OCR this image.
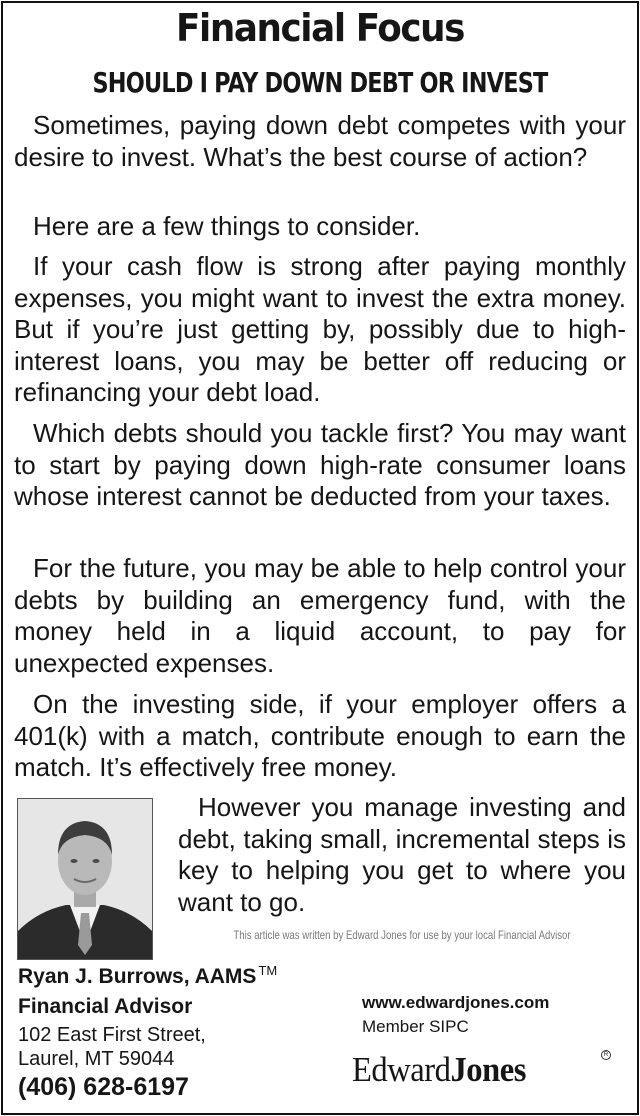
Financial Focus
SHOULD I PAY DOWN DEBT OR INVEST

Sometimes, paying down debt competes with your desire to invest. What’s the best course of action?

Here are a few things to consider.

If your cash flow is strong after paying monthly expenses, you might want to invest the extra money. But if you’re just getting by, possibly due to high-interest loans, you may be better off reducing or refinancing your debt load.

Which debts should you tackle first? You may want to start by paying down high-rate consumer loans whose interest cannot be deducted from your taxes.

For the future, you may be able to help control your debts by building an emergency fund, with the money held in a liquid account, to pay for unexpected expenses.

On the investing side, if your employer offers a 401(k) with a match, contribute enough to earn the match. It’s effectively free money.

However you manage investing and debt, taking small, incremental steps is key to helping you get to where you want to go.

This article was written by Edward Jones for use by your local Financial Advisor
Ryan J. Burrows, AAMS ™
Financial Advisor
102 East First Street,
Laurel, MT 59044
(406) 628-6197
www.edwardjones.com
Member SIPC
EdwardJones	R
